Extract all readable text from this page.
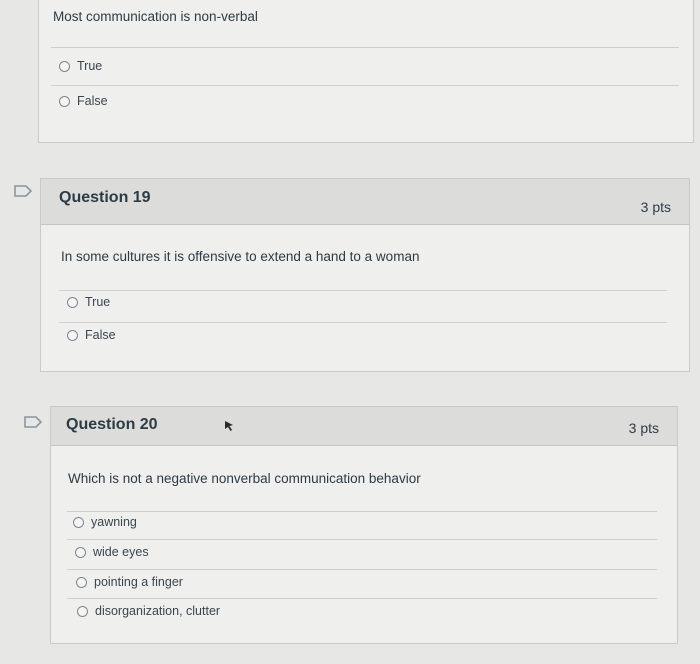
Most communication is non-verbal
True
False
Question 19
3 pts
In some cultures it is offensive to extend a hand to a woman
True
False
Question 20	3 pts
Which is not a negative nonverbal communication behavior
yawning
wide eyes
pointing a finger
disorganization, clutter
